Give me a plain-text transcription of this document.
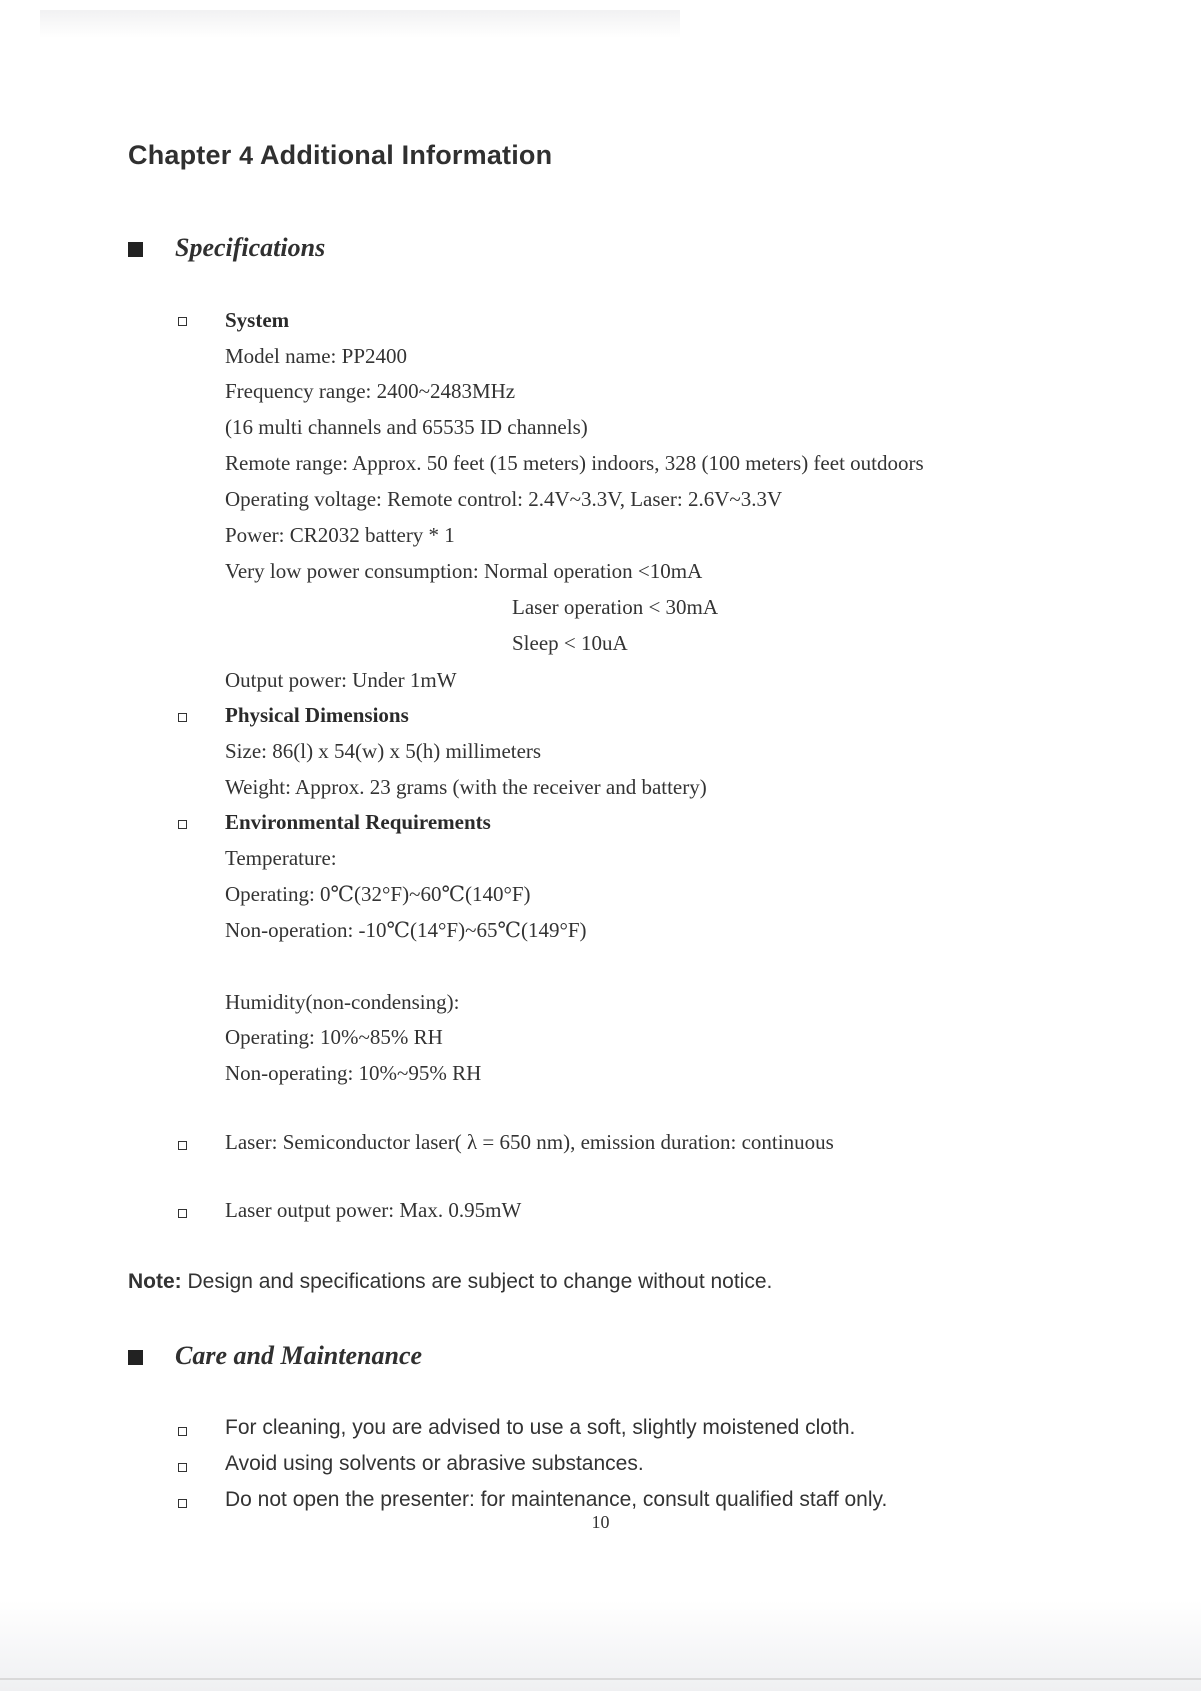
Chapter 4 Additional Information
Specifications
System
Model name: PP2400
Frequency range: 2400~2483MHz
(16 multi channels and 65535 ID channels)
Remote range: Approx. 50 feet (15 meters) indoors, 328 (100 meters) feet outdoors
Operating voltage: Remote control: 2.4V~3.3V, Laser: 2.6V~3.3V
Power: CR2032 battery * 1
Very low power consumption: Normal operation <10mA
Laser operation < 30mA
Sleep < 10uA
Output power: Under 1mW
Physical Dimensions
Size: 86(l) x 54(w) x 5(h) millimeters
Weight: Approx. 23 grams (with the receiver and battery)
Environmental Requirements
Temperature:
Operating: 0℃(32°F)~60℃(140°F)
Non-operation: -10℃(14°F)~65℃(149°F)
Humidity(non-condensing):
Operating: 10%~85% RH
Non-operating: 10%~95% RH
Laser: Semiconductor laser( λ = 650 nm), emission duration: continuous
Laser output power: Max. 0.95mW
Note: Design and specifications are subject to change without notice.
Care and Maintenance
For cleaning, you are advised to use a soft, slightly moistened cloth.
Avoid using solvents or abrasive substances.
Do not open the presenter: for maintenance, consult qualified staff only.
10
